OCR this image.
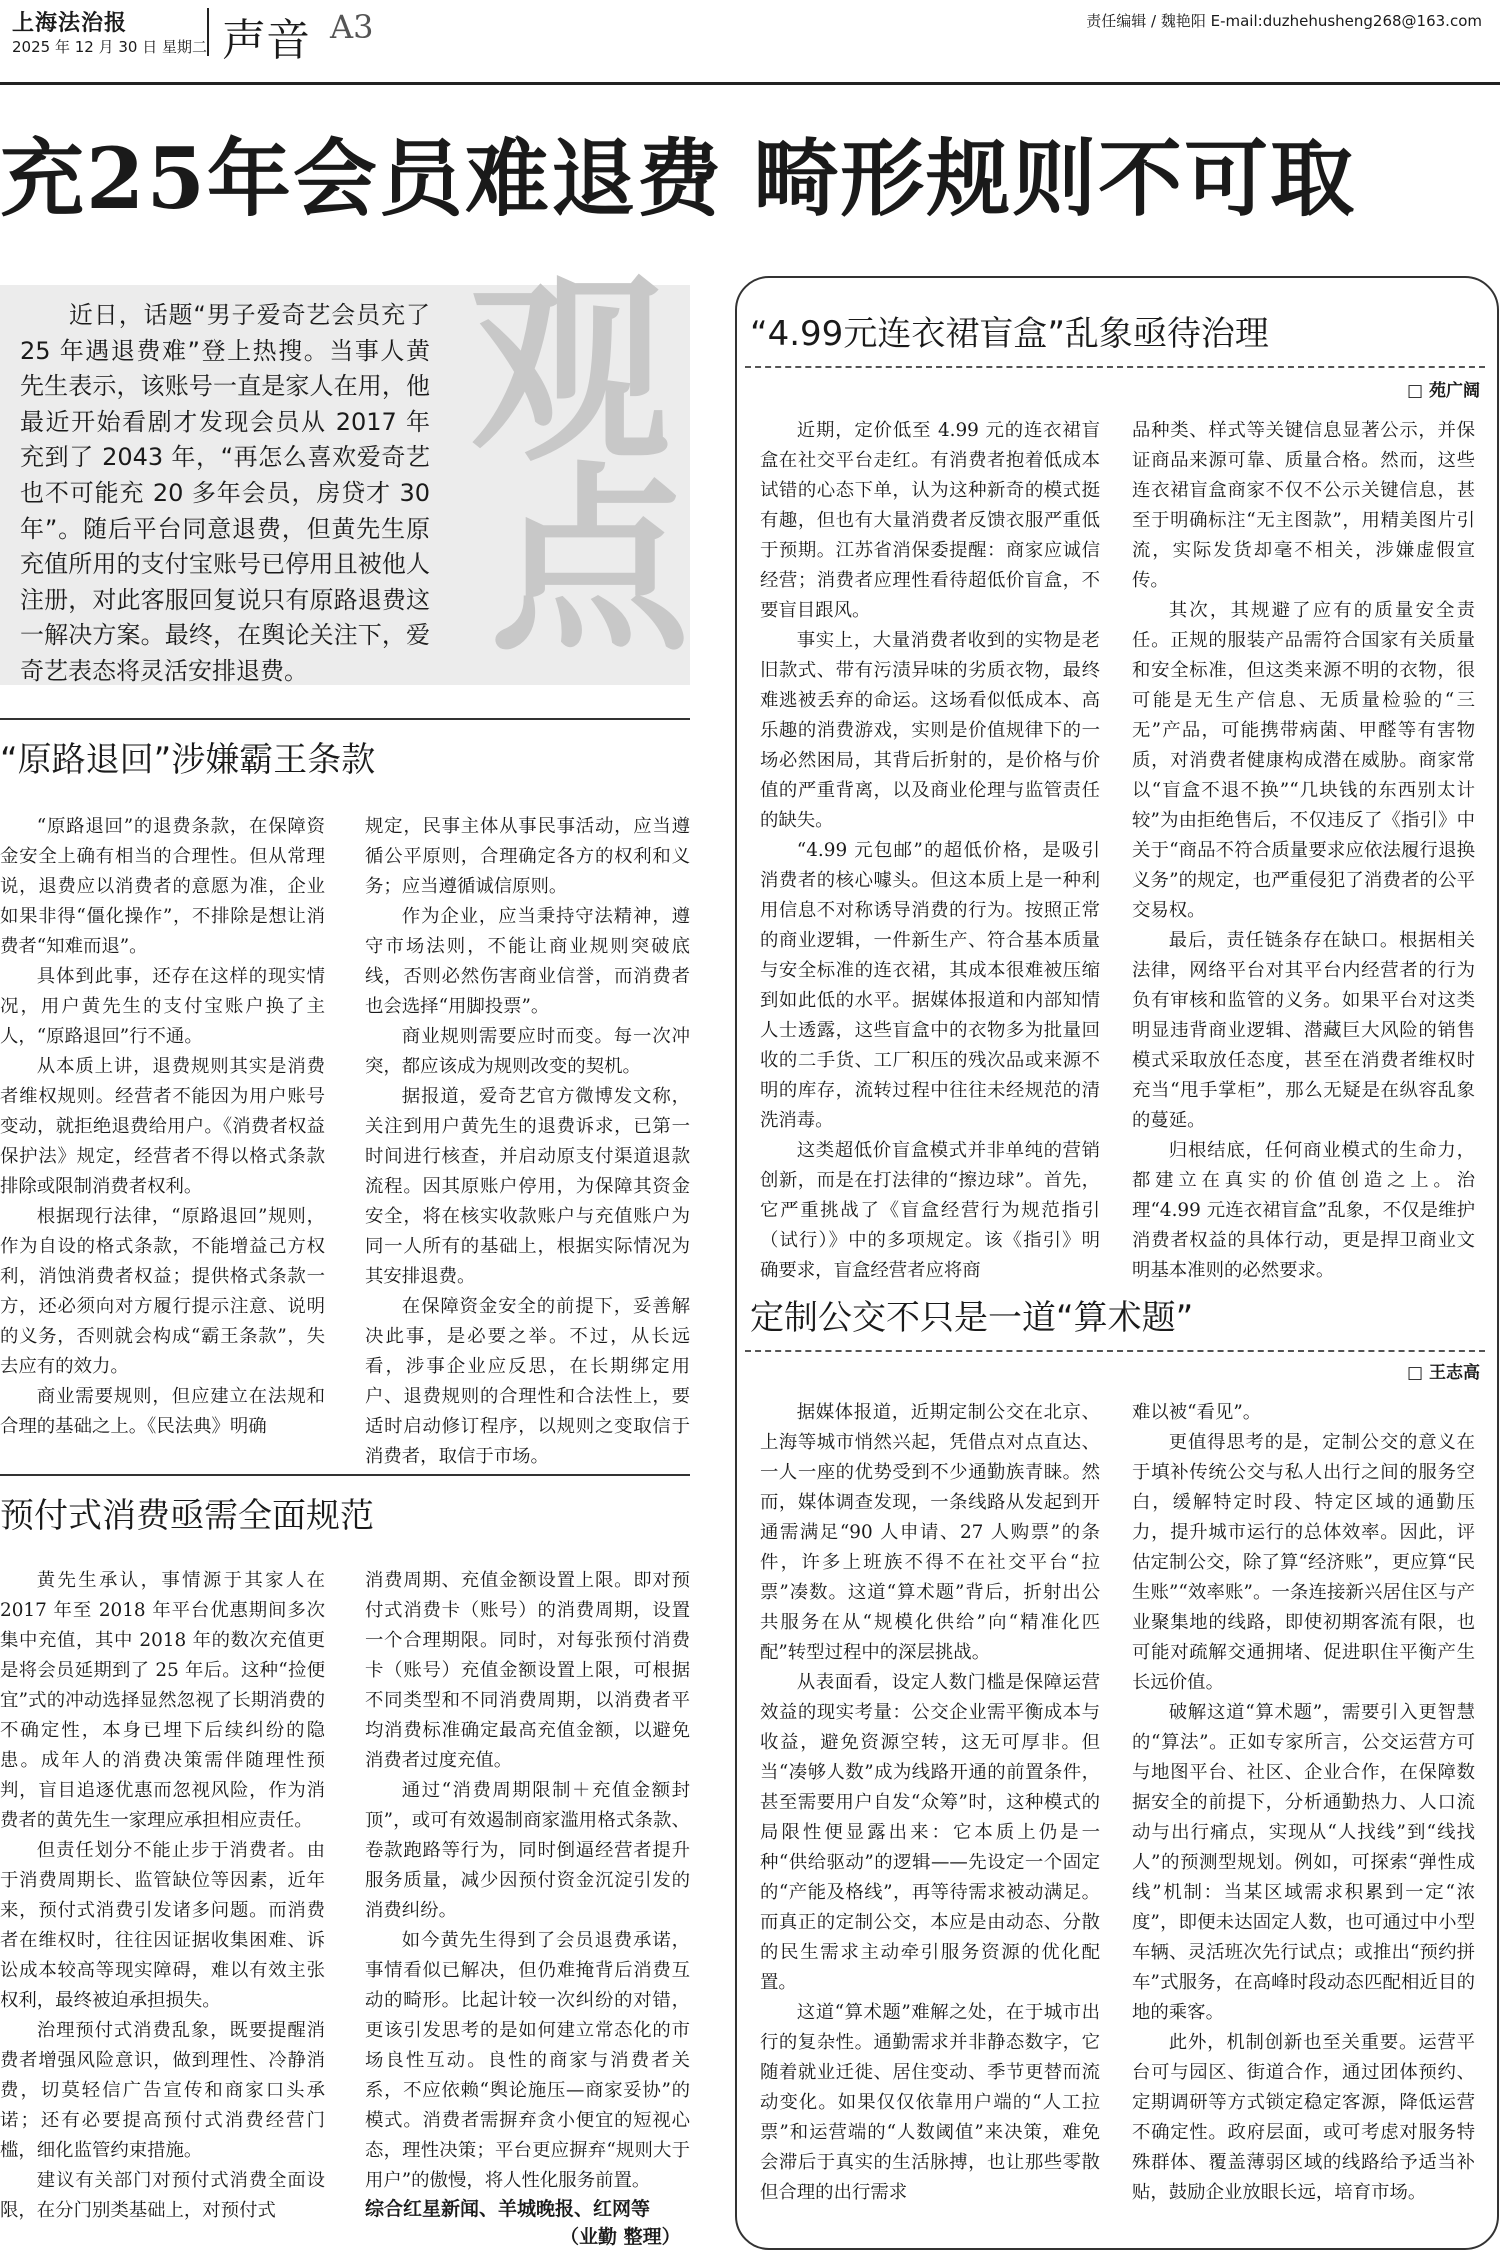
上海法治报
2025 年 12 月 30 日 星期二 声音 A3	责任编辑 / 魏艳阳 E-mail:duzhehusheng268@163.com
充25年会员难退费 畸形规则不可取
观
点
近日，话题“男子爱奇艺会员充了 25 年遇退费难”登上热搜。当事人黄先生表示，该账号一直是家人在用，他最近开始看剧才发现会员从 2017 年充到了 2043 年，“再怎么喜欢爱奇艺也不可能充 20 多年会员，房贷才 30 年”。随后平台同意退费，但黄先生原充值所用的支付宝账号已停用且被他人注册，对此客服回复说只有原路退费这一解决方案。最终，在舆论关注下，爱奇艺表态将灵活安排退费。
“原路退回”涉嫌霸王条款

“原路退回”的退费条款，在保障资金安全上确有相当的合理性。但从常理说，退费应以消费者的意愿为准，企业如果非得“僵化操作”，不排除是想让消费者“知难而退”。

具体到此事，还存在这样的现实情况，用户黄先生的支付宝账户换了主人，“原路退回”行不通。

从本质上讲，退费规则其实是消费者维权规则。经营者不能因为用户账号变动，就拒绝退费给用户。《消费者权益保护法》规定，经营者不得以格式条款排除或限制消费者权利。

根据现行法律，“原路退回”规则，作为自设的格式条款，不能增益己方权利，消蚀消费者权益；提供格式条款一方，还必须向对方履行提示注意、说明的义务，否则就会构成“霸王条款”，失去应有的效力。

商业需要规则，但应建立在法规和合理的基础之上。《民法典》明确

规定，民事主体从事民事活动，应当遵循公平原则，合理确定各方的权利和义务；应当遵循诚信原则。

作为企业，应当秉持守法精神，遵守市场法则，不能让商业规则突破底线，否则必然伤害商业信誉，而消费者也会选择“用脚投票”。

商业规则需要应时而变。每一次冲突，都应该成为规则改变的契机。

据报道，爱奇艺官方微博发文称，关注到用户黄先生的退费诉求，已第一时间进行核查，并启动原支付渠道退款流程。因其原账户停用，为保障其资金安全，将在核实收款账户与充值账户为同一人所有的基础上，根据实际情况为其安排退费。

在保障资金安全的前提下，妥善解决此事，是必要之举。不过，从长远看，涉事企业应反思，在长期绑定用户、退费规则的合理性和合法性上，要适时启动修订程序，以规则之变取信于消费者，取信于市场。

预付式消费亟需全面规范

黄先生承认，事情源于其家人在 2017 年至 2018 年平台优惠期间多次集中充值，其中 2018 年的数次充值更是将会员延期到了 25 年后。这种“捡便宜”式的冲动选择显然忽视了长期消费的不确定性，本身已埋下后续纠纷的隐患。成年人的消费决策需伴随理性预判，盲目追逐优惠而忽视风险，作为消费者的黄先生一家理应承担相应责任。

但责任划分不能止步于消费者。由于消费周期长、监管缺位等因素，近年来，预付式消费引发诸多问题。而消费者在维权时，往往因证据收集困难、诉讼成本较高等现实障碍，难以有效主张权利，最终被迫承担损失。

治理预付式消费乱象，既要提醒消费者增强风险意识，做到理性、冷静消费，切莫轻信广告宣传和商家口头承诺；还有必要提高预付式消费经营门槛，细化监管约束措施。

建议有关部门对预付式消费全面设限，在分门别类基础上，对预付式

消费周期、充值金额设置上限。即对预付式消费卡（账号）的消费周期，设置一个合理期限。同时，对每张预付消费卡（账号）充值金额设置上限，可根据不同类型和不同消费周期，以消费者平均消费标准确定最高充值金额，以避免消费者过度充值。

通过“消费周期限制＋充值金额封顶”，或可有效遏制商家滥用格式条款、卷款跑路等行为，同时倒逼经营者提升服务质量，减少因预付资金沉淀引发的消费纠纷。

如今黄先生得到了会员退费承诺，事情看似已解决，但仍难掩背后消费互动的畸形。比起计较一次纠纷的对错，更该引发思考的是如何建立常态化的市场良性互动。良性的商家与消费者关系，不应依赖“舆论施压—商家妥协”的模式。消费者需摒弃贪小便宜的短视心态，理性决策；平台更应摒弃“规则大于用户”的傲慢，将人性化服务前置。

综合红星新闻、羊城晚报、红网等
（业勤 整理）
“4.99元连衣裙盲盒”乱象亟待治理
□ 苑广阔

近期，定价低至 4.99 元的连衣裙盲盒在社交平台走红。有消费者抱着低成本试错的心态下单，认为这种新奇的模式挺有趣，但也有大量消费者反馈衣服严重低于预期。江苏省消保委提醒：商家应诚信经营；消费者应理性看待超低价盲盒，不要盲目跟风。

事实上，大量消费者收到的实物是老旧款式、带有污渍异味的劣质衣物，最终难逃被丢弃的命运。这场看似低成本、高乐趣的消费游戏，实则是价值规律下的一场必然困局，其背后折射的，是价格与价值的严重背离，以及商业伦理与监管责任的缺失。

“4.99 元包邮”的超低价格，是吸引消费者的核心噱头。但这本质上是一种利用信息不对称诱导消费的行为。按照正常的商业逻辑，一件新生产、符合基本质量与安全标准的连衣裙，其成本很难被压缩到如此低的水平。据媒体报道和内部知情人士透露，这些盲盒中的衣物多为批量回收的二手货、工厂积压的残次品或来源不明的库存，流转过程中往往未经规范的清洗消毒。

这类超低价盲盒模式并非单纯的营销创新，而是在打法律的“擦边球”。首先，它严重挑战了《盲盒经营行为规范指引（试行）》中的多项规定。该《指引》明确要求，盲盒经营者应将商

品种类、样式等关键信息显著公示，并保证商品来源可靠、质量合格。然而，这些连衣裙盲盒商家不仅不公示关键信息，甚至于明确标注“无主图款”，用精美图片引流，实际发货却毫不相关，涉嫌虚假宣传。

其次，其规避了应有的质量安全责任。正规的服装产品需符合国家有关质量和安全标准，但这类来源不明的衣物，很可能是无生产信息、无质量检验的“三无”产品，可能携带病菌、甲醛等有害物质，对消费者健康构成潜在威胁。商家常以“盲盒不退不换”“几块钱的东西别太计较”为由拒绝售后，不仅违反了《指引》中关于“商品不符合质量要求应依法履行退换义务”的规定，也严重侵犯了消费者的公平交易权。

最后，责任链条存在缺口。根据相关法律，网络平台对其平台内经营者的行为负有审核和监管的义务。如果平台对这类明显违背商业逻辑、潜藏巨大风险的销售模式采取放任态度，甚至在消费者维权时充当“甩手掌柜”，那么无疑是在纵容乱象的蔓延。

归根结底，任何商业模式的生命力，都建立在真实的价值创造之上。治理“4.99 元连衣裙盲盒”乱象，不仅是维护消费者权益的具体行动，更是捍卫商业文明基本准则的必然要求。

定制公交不只是一道“算术题”
□ 王志高

据媒体报道，近期定制公交在北京、上海等城市悄然兴起，凭借点对点直达、一人一座的优势受到不少通勤族青睐。然而，媒体调查发现，一条线路从发起到开通需满足“90 人申请、27 人购票”的条件，许多上班族不得不在社交平台“拉票”凑数。这道“算术题”背后，折射出公共服务在从“规模化供给”向“精准化匹配”转型过程中的深层挑战。

从表面看，设定人数门槛是保障运营效益的现实考量：公交企业需平衡成本与收益，避免资源空转，这无可厚非。但当“凑够人数”成为线路开通的前置条件，甚至需要用户自发“众筹”时，这种模式的局限性便显露出来：它本质上仍是一种“供给驱动”的逻辑——先设定一个固定的“产能及格线”，再等待需求被动满足。而真正的定制公交，本应是由动态、分散的民生需求主动牵引服务资源的优化配置。

这道“算术题”难解之处，在于城市出行的复杂性。通勤需求并非静态数字，它随着就业迁徙、居住变动、季节更替而流动变化。如果仅仅依靠用户端的“人工拉票”和运营端的“人数阈值”来决策，难免会滞后于真实的生活脉搏，也让那些零散但合理的出行需求

难以被“看见”。

更值得思考的是，定制公交的意义在于填补传统公交与私人出行之间的服务空白，缓解特定时段、特定区域的通勤压力，提升城市运行的总体效率。因此，评估定制公交，除了算“经济账”，更应算“民生账”“效率账”。一条连接新兴居住区与产业聚集地的线路，即使初期客流有限，也可能对疏解交通拥堵、促进职住平衡产生长远价值。

破解这道“算术题”，需要引入更智慧的“算法”。正如专家所言，公交运营方可与地图平台、社区、企业合作，在保障数据安全的前提下，分析通勤热力、人口流动与出行痛点，实现从“人找线”到“线找人”的预测型规划。例如，可探索“弹性成线”机制：当某区域需求积累到一定“浓度”，即便未达固定人数，也可通过中小型车辆、灵活班次先行试点；或推出“预约拼车”式服务，在高峰时段动态匹配相近目的地的乘客。

此外，机制创新也至关重要。运营平台可与园区、街道合作，通过团体预约、定期调研等方式锁定稳定客源，降低运营不确定性。政府层面，或可考虑对服务特殊群体、覆盖薄弱区域的线路给予适当补贴，鼓励企业放眼长远，培育市场。
